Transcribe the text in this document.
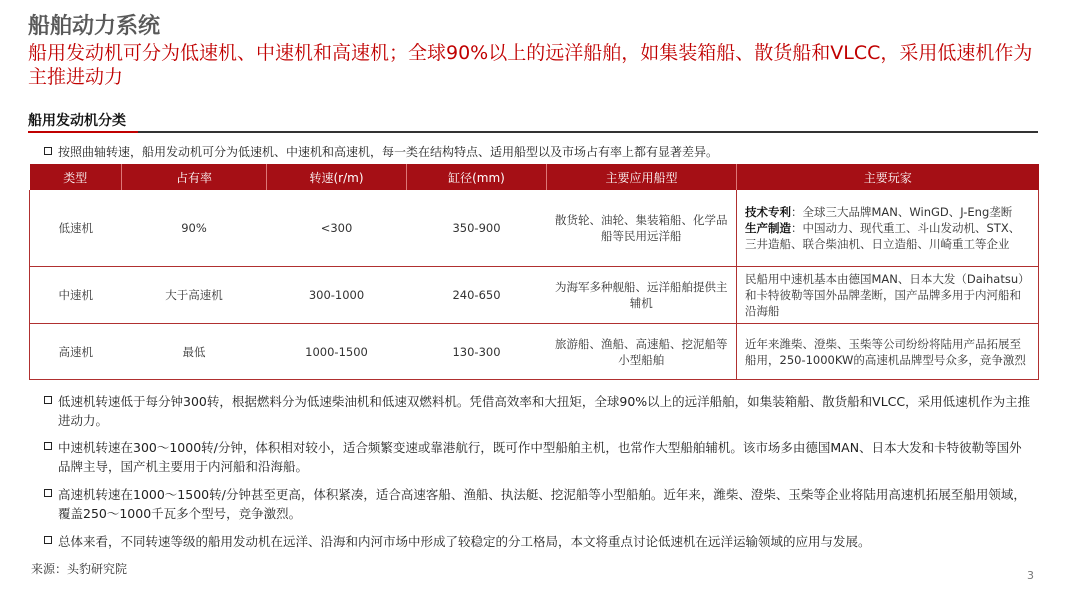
船舶动力系统

船用发动机可分为低速机、中速机和高速机；全球90%以上的远洋船舶，如集装箱船、散货船和VLCC，采用低速机作为主推进动力

船用发动机分类
按照曲轴转速，船用发动机可分为低速机、中速机和高速机，每一类在结构特点、适用船型以及市场占有率上都有显著差异。
类型	占有率	转速(r/m)	缸径(mm)	主要应用船型	主要玩家
低速机	90%	<300	350-900	散货轮、油轮、集装箱船、化学品船等民用远洋船	技术专利：全球三大品牌MAN、WinGD、J-Eng垄断
生产制造：中国动力、现代重工、斗山发动机、STX、三井造船、联合柴油机、日立造船、川崎重工等企业
中速机	大于高速机	300-1000	240-650	为海军多种舰船、远洋船舶提供主辅机	民船用中速机基本由德国MAN、日本大发（Daihatsu）和卡特彼勒等国外品牌垄断，国产品牌多用于内河船和沿海船
高速机	最低	1000-1500	130-300	旅游船、渔船、高速船、挖泥船等小型船舶	近年来潍柴、澄柴、玉柴等公司纷纷将陆用产品拓展至船用，250-1000KW的高速机品牌型号众多，竞争激烈
低速机转速低于每分钟300转，根据燃料分为低速柴油机和低速双燃料机。凭借高效率和大扭矩，全球90%以上的远洋船舶，如集装箱船、散货船和VLCC，采用低速机作为主推进动力。
中速机转速在300～1000转/分钟，体积相对较小，适合频繁变速或靠港航行，既可作中型船舶主机，也常作大型船舶辅机。该市场多由德国MAN、日本大发和卡特彼勒等国外品牌主导，国产机主要用于内河船和沿海船。
高速机转速在1000～1500转/分钟甚至更高，体积紧凑，适合高速客船、渔船、执法艇、挖泥船等小型船舶。近年来，潍柴、澄柴、玉柴等企业将陆用高速机拓展至船用领域，覆盖250～1000千瓦多个型号，竞争激烈。
总体来看，不同转速等级的船用发动机在远洋、沿海和内河市场中形成了较稳定的分工格局，本文将重点讨论低速机在远洋运输领域的应用与发展。
来源：头豹研究院	3
